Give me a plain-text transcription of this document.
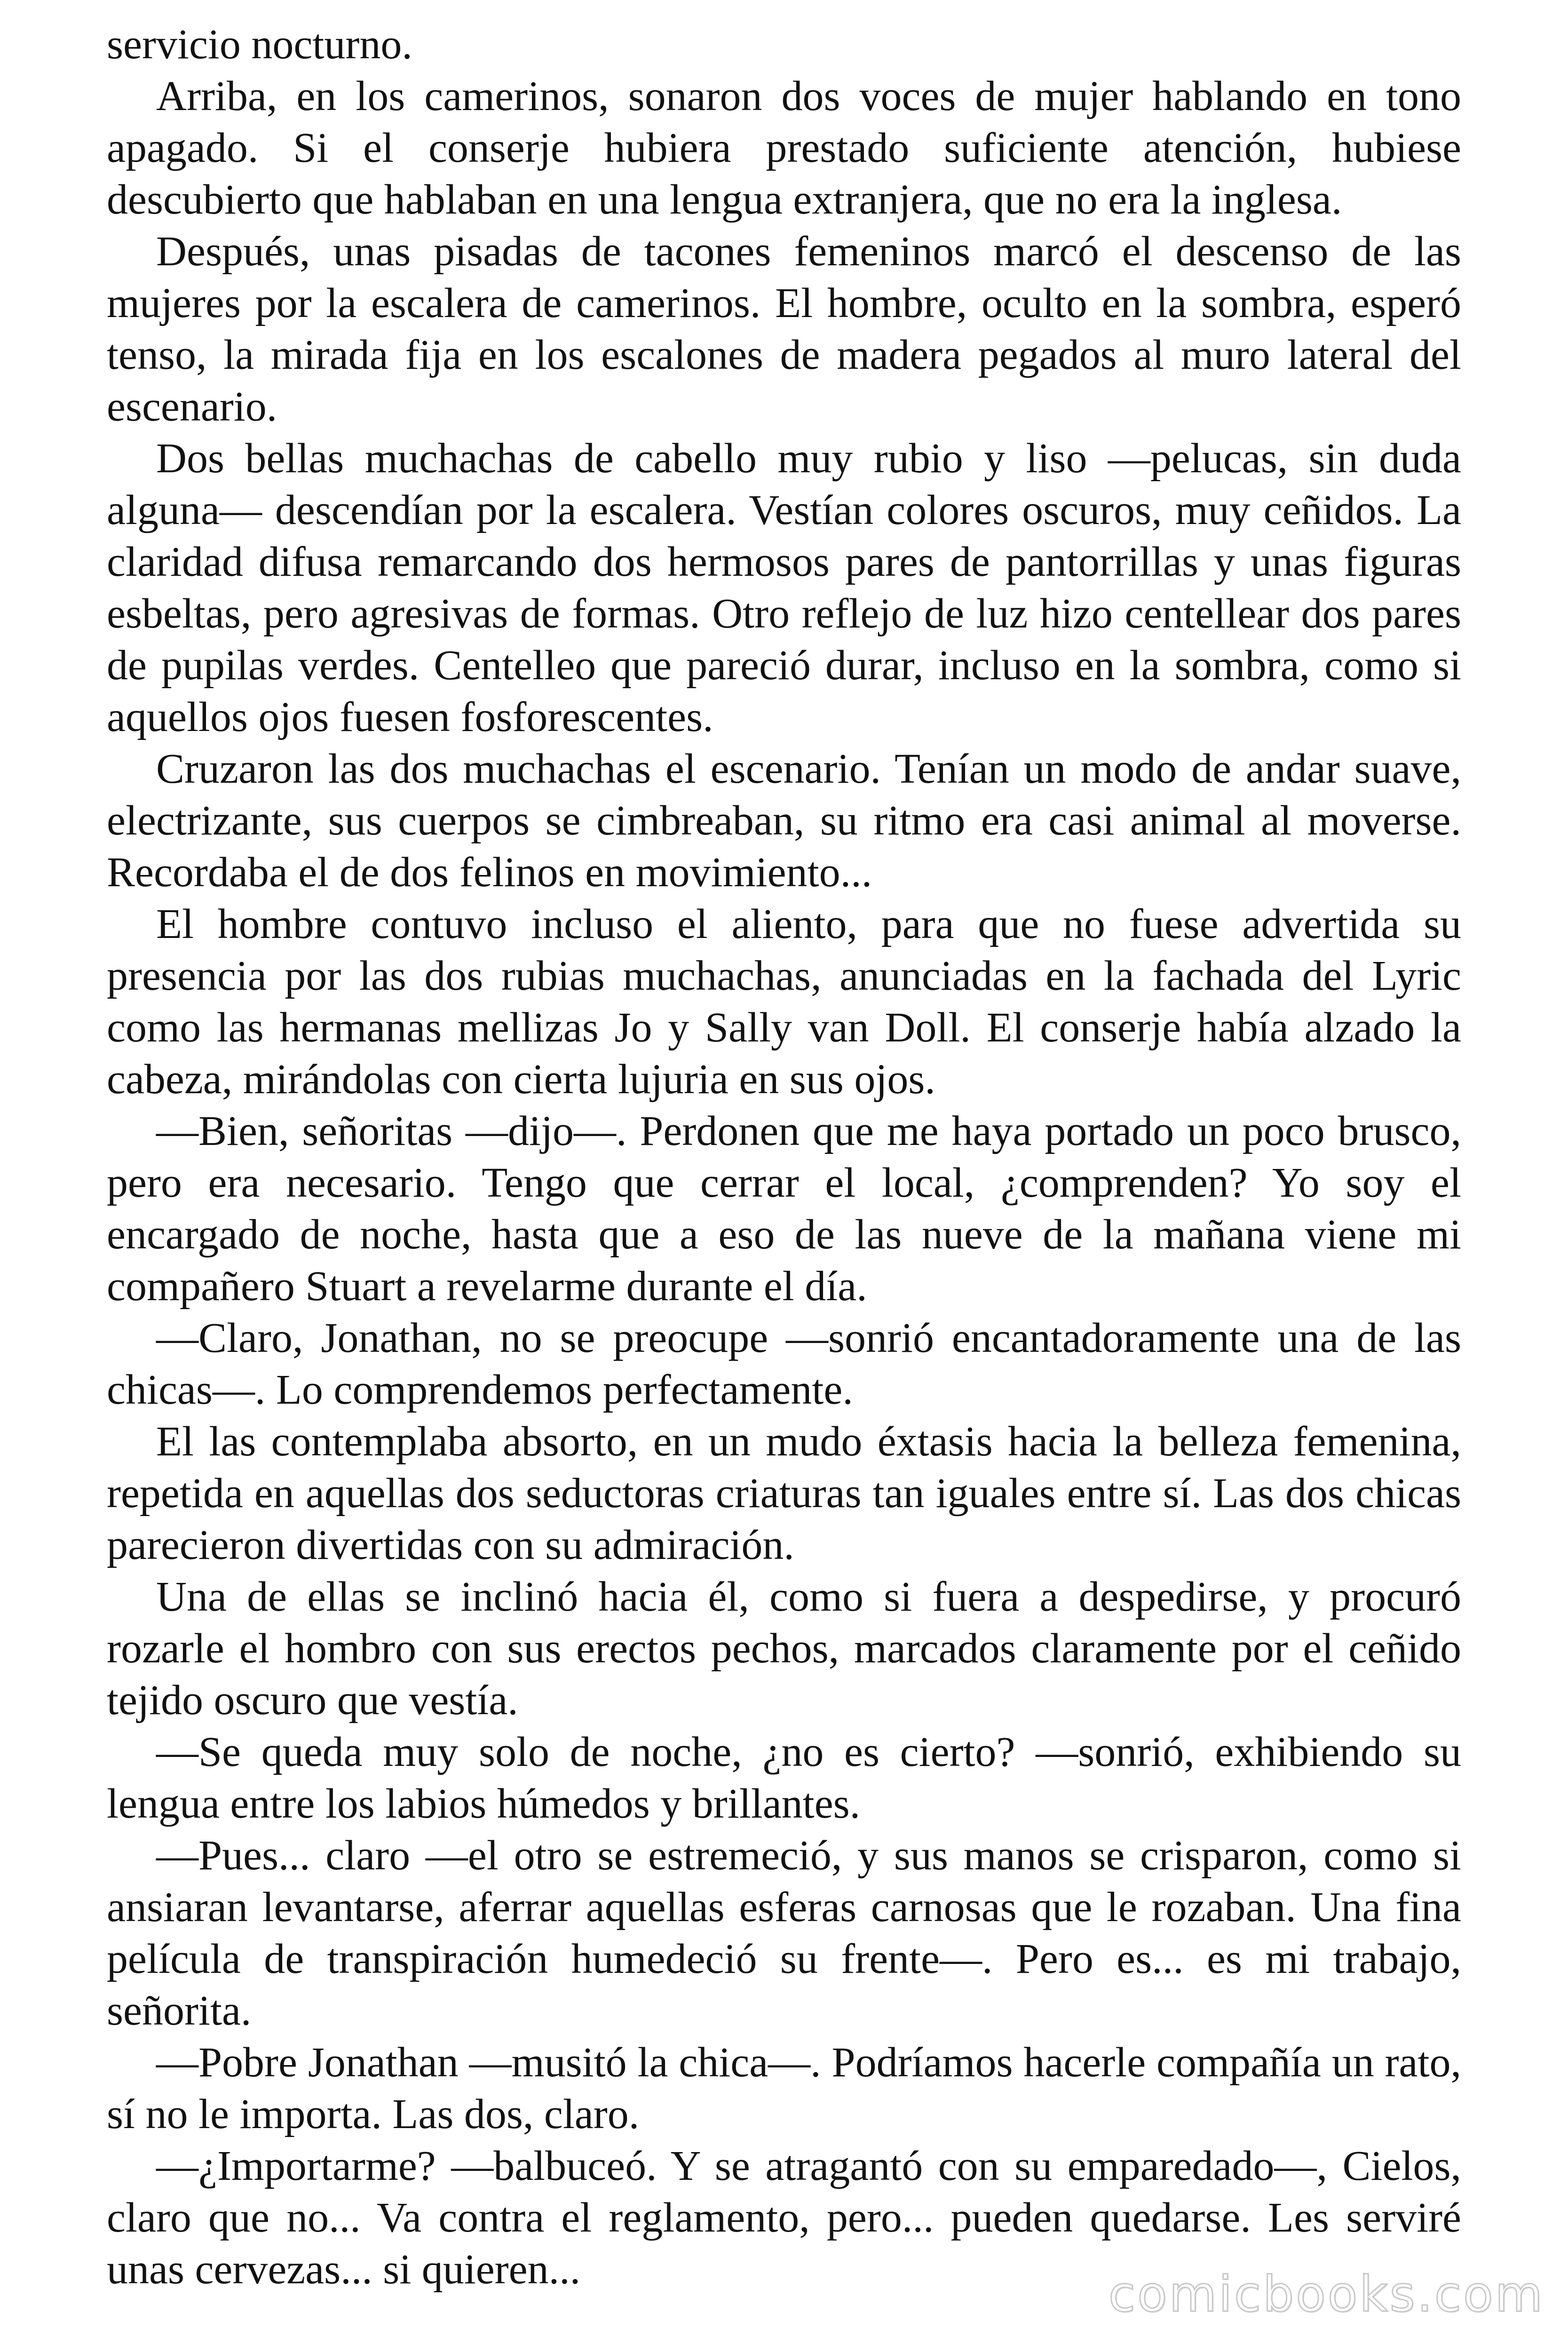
servicio nocturno.

Arriba, en los camerinos, sonaron dos voces de mujer hablando en tono apagado. Si el conserje hubiera prestado suficiente atención, hubiese descubierto que hablaban en una lengua extranjera, que no era la inglesa.

Después, unas pisadas de tacones femeninos marcó el descenso de las mujeres por la escalera de camerinos. El hombre, oculto en la sombra, esperó tenso, la mirada fija en los escalones de madera pegados al muro lateral del escenario.

Dos bellas muchachas de cabello muy rubio y liso —pelucas, sin duda alguna— descendían por la escalera. Vestían colores oscuros, muy ceñidos. La claridad difusa remarcando dos hermosos pares de pantorrillas y unas figuras esbeltas, pero agresivas de formas. Otro reflejo de luz hizo centellear dos pares de pupilas verdes. Centelleo que pareció durar, incluso en la sombra, como si aquellos ojos fuesen fosforescentes.

Cruzaron las dos muchachas el escenario. Tenían un modo de andar suave, electrizante, sus cuerpos se cimbreaban, su ritmo era casi animal al moverse. Recordaba el de dos felinos en movimiento...

El hombre contuvo incluso el aliento, para que no fuese advertida su presencia por las dos rubias muchachas, anunciadas en la fachada del Lyric como las hermanas mellizas Jo y Sally van Doll. El conserje había alzado la cabeza, mirándolas con cierta lujuria en sus ojos.

—Bien, señoritas —dijo—. Perdonen que me haya portado un poco brusco, pero era necesario. Tengo que cerrar el local, ¿comprenden? Yo soy el encargado de noche, hasta que a eso de las nueve de la mañana viene mi compañero Stuart a revelarme durante el día.

—Claro, Jonathan, no se preocupe —sonrió encantadoramente una de las chicas—. Lo comprendemos perfectamente.

El las contemplaba absorto, en un mudo éxtasis hacia la belleza femenina, repetida en aquellas dos seductoras criaturas tan iguales entre sí. Las dos chicas parecieron divertidas con su admiración.

Una de ellas se inclinó hacia él, como si fuera a despedirse, y procuró rozarle el hombro con sus erectos pechos, marcados claramente por el ceñido tejido oscuro que vestía.

—Se queda muy solo de noche, ¿no es cierto? —sonrió, exhibiendo su lengua entre los labios húmedos y brillantes.

—Pues... claro —el otro se estremeció, y sus manos se crisparon, como si ansiaran levantarse, aferrar aquellas esferas carnosas que le rozaban. Una fina película de transpiración humedeció su frente—. Pero es... es mi trabajo, señorita.

—Pobre Jonathan —musitó la chica—. Podríamos hacerle compañía un rato, sí no le importa. Las dos, claro.

—¿Importarme? —balbuceó. Y se atragantó con su emparedado—, Cielos, claro que no... Va contra el reglamento, pero... pueden quedarse. Les serviré unas cervezas... si quieren...	comicbooks.com
